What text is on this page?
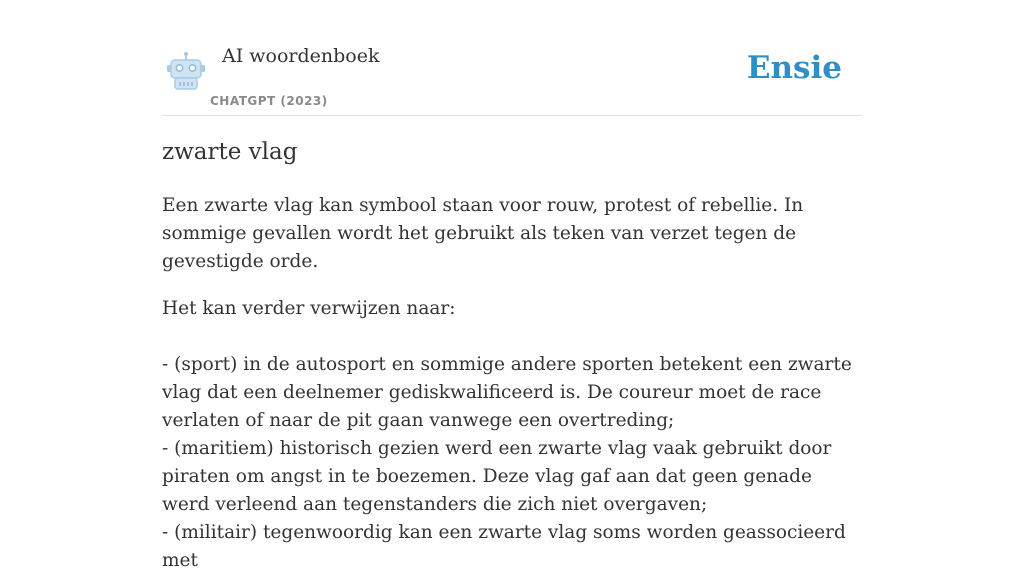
AI woordenboek
CHATGPT (2023)
Ensie
zwarte vlag

Een zwarte vlag kan symbool staan voor rouw, protest of rebellie. In sommige gevallen wordt het gebruikt als teken van verzet tegen de gevestigde orde.

Het kan verder verwijzen naar:

- (sport) in de autosport en sommige andere sporten betekent een zwarte vlag dat een deelnemer gediskwalificeerd is. De coureur moet de race verlaten of naar de pit gaan vanwege een overtreding;

- (maritiem) historisch gezien werd een zwarte vlag vaak gebruikt door piraten om angst in te boezemen. Deze vlag gaf aan dat geen genade werd verleend aan tegenstanders die zich niet overgaven;

- (militair) tegenwoordig kan een zwarte vlag soms worden geassocieerd met
